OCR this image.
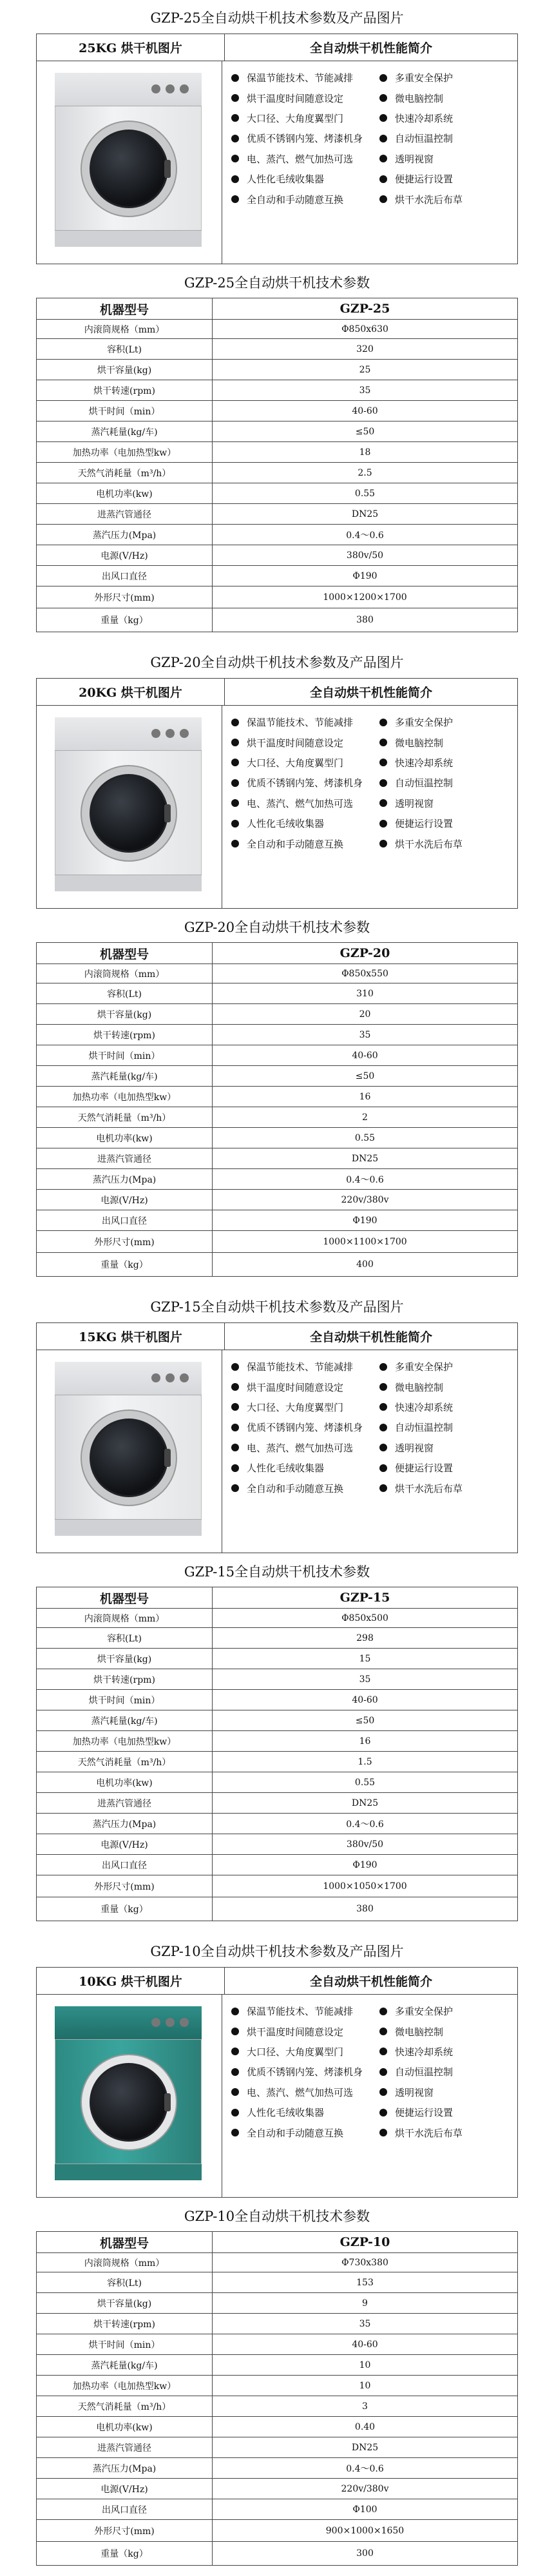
GZP-25全自动烘干机技术参数及产品图片
25KG 烘干机图片	全自动烘干机性能简介
保温节能技术、节能减排	多重安全保护
烘干温度时间随意设定	微电脑控制
大口径、大角度翼型门	快速冷却系统
优质不锈钢内笼、烤漆机身	自动恒温控制
电、蒸汽、燃气加热可选	透明视窗
人性化毛绒收集器	便捷运行设置
全自动和手动随意互换	烘干水洗后布草
GZP-25全自动烘干机技术参数
机器型号	GZP-25
内滚筒规格（mm）	Φ850x630
容积(Lt)	320
烘干容量(kg)	25
烘干转速(rpm)	35
烘干时间（min）	40-60
蒸汽耗量(kg/车)	≤50
加热功率（电加热型kw）	18
天然气消耗量（m³/h）	2.5
电机功率(kw)	0.55
进蒸汽管通径	DN25
蒸汽压力(Mpa)	0.4～0.6
电源(V/Hz)	380v/50
出风口直径	Φ190
外形尺寸(mm)	1000×1200×1700
重量（kg）	380
GZP-20全自动烘干机技术参数及产品图片
20KG 烘干机图片	全自动烘干机性能简介
保温节能技术、节能减排	多重安全保护
烘干温度时间随意设定	微电脑控制
大口径、大角度翼型门	快速冷却系统
优质不锈钢内笼、烤漆机身	自动恒温控制
电、蒸汽、燃气加热可选	透明视窗
人性化毛绒收集器	便捷运行设置
全自动和手动随意互换	烘干水洗后布草
GZP-20全自动烘干机技术参数
机器型号	GZP-20
内滚筒规格（mm）	Φ850x550
容积(Lt)	310
烘干容量(kg)	20
烘干转速(rpm)	35
烘干时间（min）	40-60
蒸汽耗量(kg/车)	≤50
加热功率（电加热型kw）	16
天然气消耗量（m³/h）	2
电机功率(kw)	0.55
进蒸汽管通径	DN25
蒸汽压力(Mpa)	0.4～0.6
电源(V/Hz)	220v/380v
出风口直径	Φ190
外形尺寸(mm)	1000×1100×1700
重量（kg）	400
GZP-15全自动烘干机技术参数及产品图片
15KG 烘干机图片	全自动烘干机性能简介
保温节能技术、节能减排	多重安全保护
烘干温度时间随意设定	微电脑控制
大口径、大角度翼型门	快速冷却系统
优质不锈钢内笼、烤漆机身	自动恒温控制
电、蒸汽、燃气加热可选	透明视窗
人性化毛绒收集器	便捷运行设置
全自动和手动随意互换	烘干水洗后布草
GZP-15全自动烘干机技术参数
机器型号	GZP-15
内滚筒规格（mm）	Φ850x500
容积(Lt)	298
烘干容量(kg)	15
烘干转速(rpm)	35
烘干时间（min）	40-60
蒸汽耗量(kg/车)	≤50
加热功率（电加热型kw）	16
天然气消耗量（m³/h）	1.5
电机功率(kw)	0.55
进蒸汽管通径	DN25
蒸汽压力(Mpa)	0.4～0.6
电源(V/Hz)	380v/50
出风口直径	Φ190
外形尺寸(mm)	1000×1050×1700
重量（kg）	380
GZP-10全自动烘干机技术参数及产品图片
10KG 烘干机图片	全自动烘干机性能简介
保温节能技术、节能减排	多重安全保护
烘干温度时间随意设定	微电脑控制
大口径、大角度翼型门	快速冷却系统
优质不锈钢内笼、烤漆机身	自动恒温控制
电、蒸汽、燃气加热可选	透明视窗
人性化毛绒收集器	便捷运行设置
全自动和手动随意互换	烘干水洗后布草
GZP-10全自动烘干机技术参数
机器型号	GZP-10
内滚筒规格（mm）	Φ730x380
容积(Lt)	153
烘干容量(kg)	9
烘干转速(rpm)	35
烘干时间（min）	40-60
蒸汽耗量(kg/车)	10
加热功率（电加热型kw）	10
天然气消耗量（m³/h）	3
电机功率(kw)	0.40
进蒸汽管通径	DN25
蒸汽压力(Mpa)	0.4～0.6
电源(V/Hz)	220v/380v
出风口直径	Φ100
外形尺寸(mm)	900×1000×1650
重量（kg）	300
